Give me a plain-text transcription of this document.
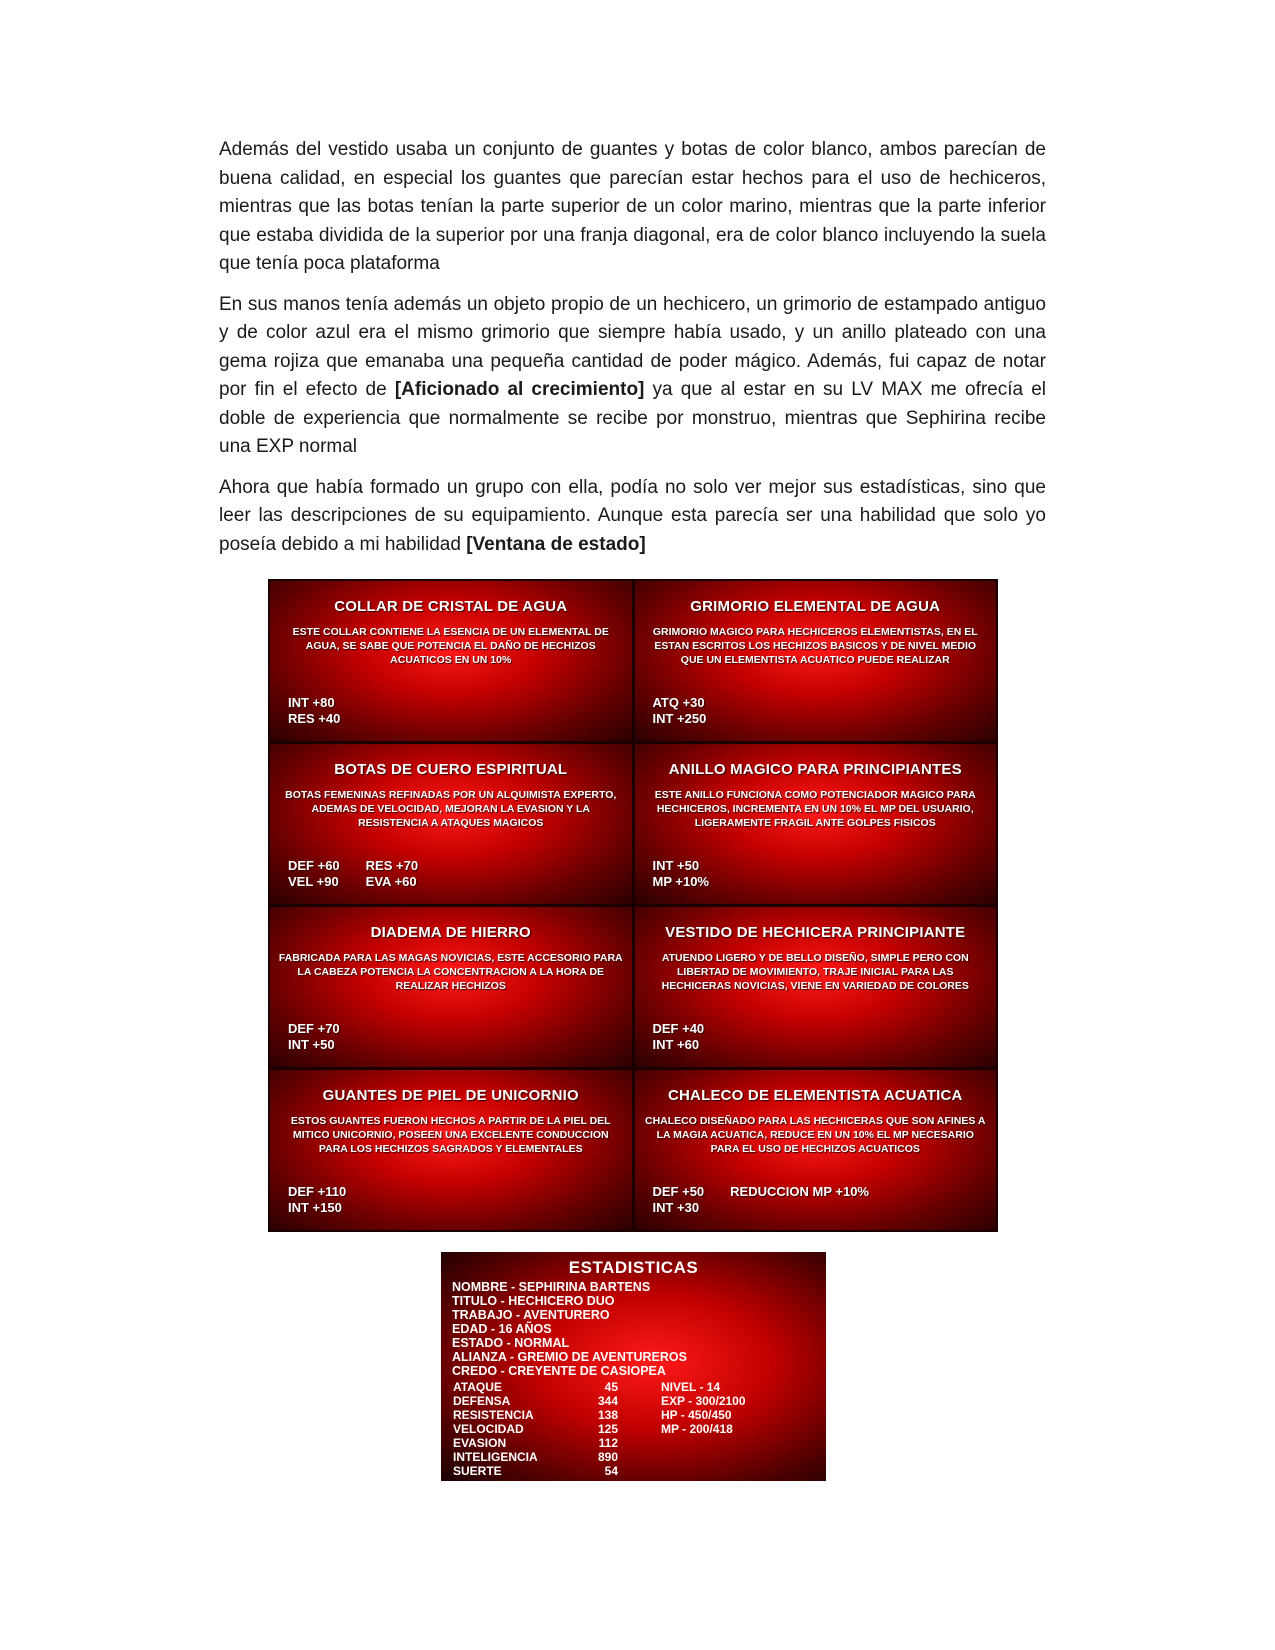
Además del vestido usaba un conjunto de guantes y botas de color blanco, ambos parecían de buena calidad, en especial los guantes que parecían estar hechos para el uso de hechiceros, mientras que las botas tenían la parte superior de un color marino, mientras que la parte inferior que estaba dividida de la superior por una franja diagonal, era de color blanco incluyendo la suela que tenía poca plataforma

En sus manos tenía además un objeto propio de un hechicero, un grimorio de estampado antiguo y de color azul era el mismo grimorio que siempre había usado, y un anillo plateado con una gema rojiza que emanaba una pequeña cantidad de poder mágico. Además, fui capaz de notar por fin el efecto de [Aficionado al crecimiento] ya que al estar en su LV MAX me ofrecía el doble de experiencia que normalmente se recibe por monstruo, mientras que Sephirina recibe una EXP normal

Ahora que había formado un grupo con ella, podía no solo ver mejor sus estadísticas, sino que leer las descripciones de su equipamiento. Aunque esta parecía ser una habilidad que solo yo poseía debido a mi habilidad [Ventana de estado]

COLLAR DE CRISTAL DE AGUA
ESTE COLLAR CONTIENE LA ESENCIA DE UN ELEMENTAL DE AGUA, SE SABE QUE POTENCIA EL DAÑO DE HECHIZOS ACUATICOS EN UN 10%
INT +80
RES +40
GRIMORIO ELEMENTAL DE AGUA
GRIMORIO MAGICO PARA HECHICEROS ELEMENTISTAS, EN EL ESTAN ESCRITOS LOS HECHIZOS BASICOS Y DE NIVEL MEDIO QUE UN ELEMENTISTA ACUATICO PUEDE REALIZAR
ATQ +30
INT +250
BOTAS DE CUERO ESPIRITUAL
BOTAS FEMENINAS REFINADAS POR UN ALQUIMISTA EXPERTO, ADEMAS DE VELOCIDAD, MEJORAN LA EVASION Y LA RESISTENCIA A ATAQUES MAGICOS
DEF +60 RES +70
VEL +90 EVA +60
ANILLO MAGICO PARA PRINCIPIANTES
ESTE ANILLO FUNCIONA COMO POTENCIADOR MAGICO PARA HECHICEROS, INCREMENTA EN UN 10% EL MP DEL USUARIO, LIGERAMENTE FRAGIL ANTE GOLPES FISICOS
INT +50
MP +10%
DIADEMA DE HIERRO
FABRICADA PARA LAS MAGAS NOVICIAS, ESTE ACCESORIO PARA LA CABEZA POTENCIA LA CONCENTRACION A LA HORA DE REALIZAR HECHIZOS
DEF +70
INT +50
VESTIDO DE HECHICERA PRINCIPIANTE
ATUENDO LIGERO Y DE BELLO DISEÑO, SIMPLE PERO CON LIBERTAD DE MOVIMIENTO, TRAJE INICIAL PARA LAS HECHICERAS NOVICIAS, VIENE EN VARIEDAD DE COLORES
DEF +40
INT +60
GUANTES DE PIEL DE UNICORNIO
ESTOS GUANTES FUERON HECHOS A PARTIR DE LA PIEL DEL MITICO UNICORNIO, POSEEN UNA EXCELENTE CONDUCCION PARA LOS HECHIZOS SAGRADOS Y ELEMENTALES
DEF +110
INT +150
CHALECO DE ELEMENTISTA ACUATICA
CHALECO DISEÑADO PARA LAS HECHICERAS QUE SON AFINES A LA MAGIA ACUATICA, REDUCE EN UN 10% EL MP NECESARIO PARA EL USO DE HECHIZOS ACUATICOS
DEF +50 REDUCCION MP +10%
INT +30
ESTADISTICAS
NOMBRE - SEPHIRINA BARTENS
TITULO - HECHICERO DUO
TRABAJO - AVENTURERO
EDAD - 16 AÑOS
ESTADO - NORMAL
ALIANZA - GREMIO DE AVENTUREROS
CREDO - CREYENTE DE CASIOPEA
ATAQUE	45
DEFENSA	344
RESISTENCIA	138
VELOCIDAD	125
EVASION	112
INTELIGENCIA	890
SUERTE	54
NIVEL - 14
EXP - 300/2100
HP - 450/450
MP - 200/418
